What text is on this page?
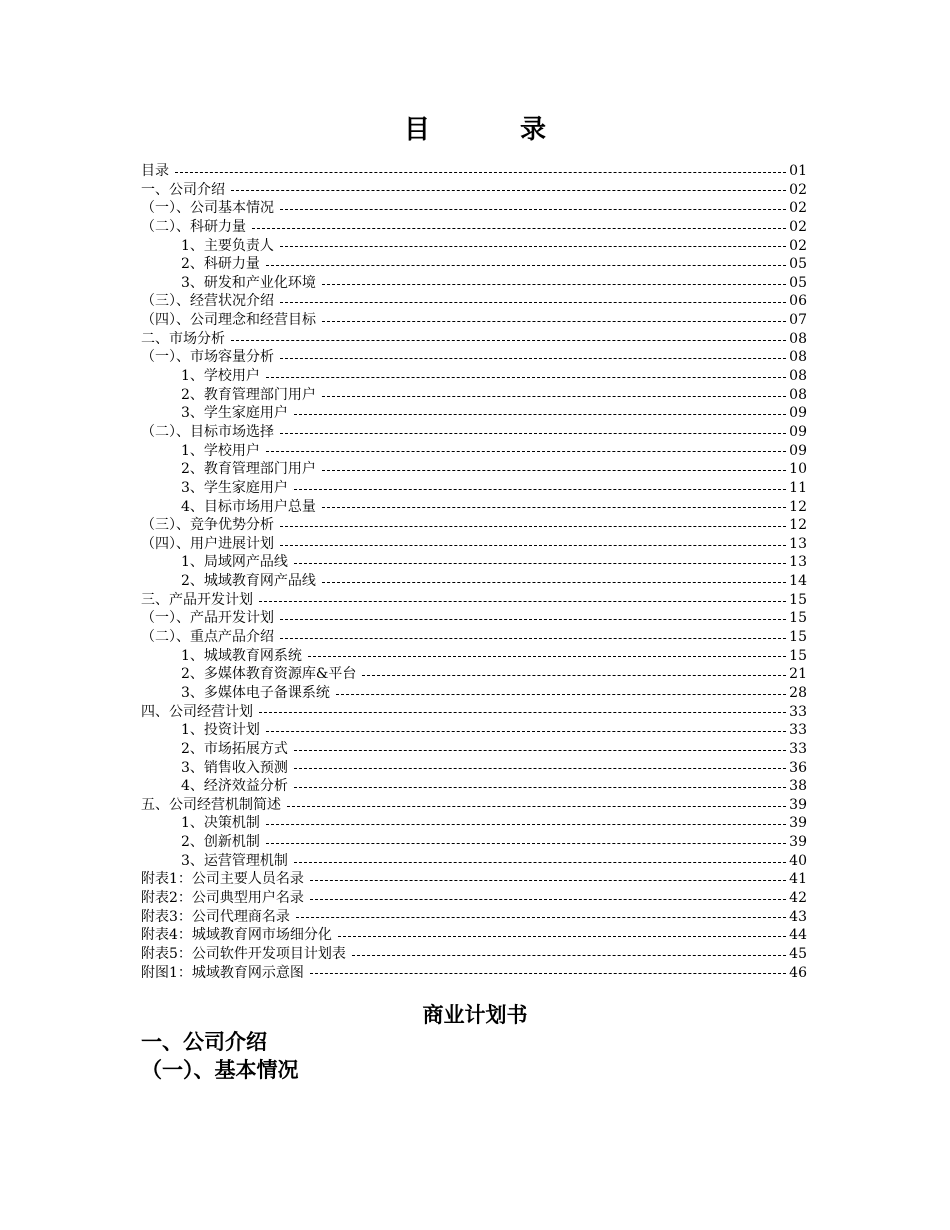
目	录
目录	01
一、公司介绍	02
（一）、公司基本情况	02
（二）、科研力量	02
1、主要负责人	02
2、科研力量	05
3、研发和产业化环境	05
（三）、经营状况介绍	06
（四）、公司理念和经营目标	07
二、市场分析	08
（一）、市场容量分析	08
1、学校用户	08
2、教育管理部门用户	08
3、学生家庭用户	09
（二）、目标市场选择	09
1、学校用户	09
2、教育管理部门用户	10
3、学生家庭用户	11
4、目标市场用户总量	12
（三）、竞争优势分析	12
（四）、用户进展计划	13
1、局域网产品线	13
2、城域教育网产品线	14
三、产品开发计划	15
（一）、产品开发计划	15
（二）、重点产品介绍	15
1、城域教育网系统	15
2、多媒体教育资源库&平台	21
3、多媒体电子备课系统	28
四、公司经营计划	33
1、投资计划	33
2、市场拓展方式	33
3、销售收入预测	36
4、经济效益分析	38
五、公司经营机制简述	39
1、决策机制	39
2、创新机制	39
3、运营管理机制	40
附表1：公司主要人员名录	41
附表2：公司典型用户名录	42
附表3：公司代理商名录	43
附表4：城域教育网市场细分化	44
附表5：公司软件开发项目计划表	45
附图1：城域教育网示意图	46
商业计划书
一、公司介绍
（一）、基本情况
